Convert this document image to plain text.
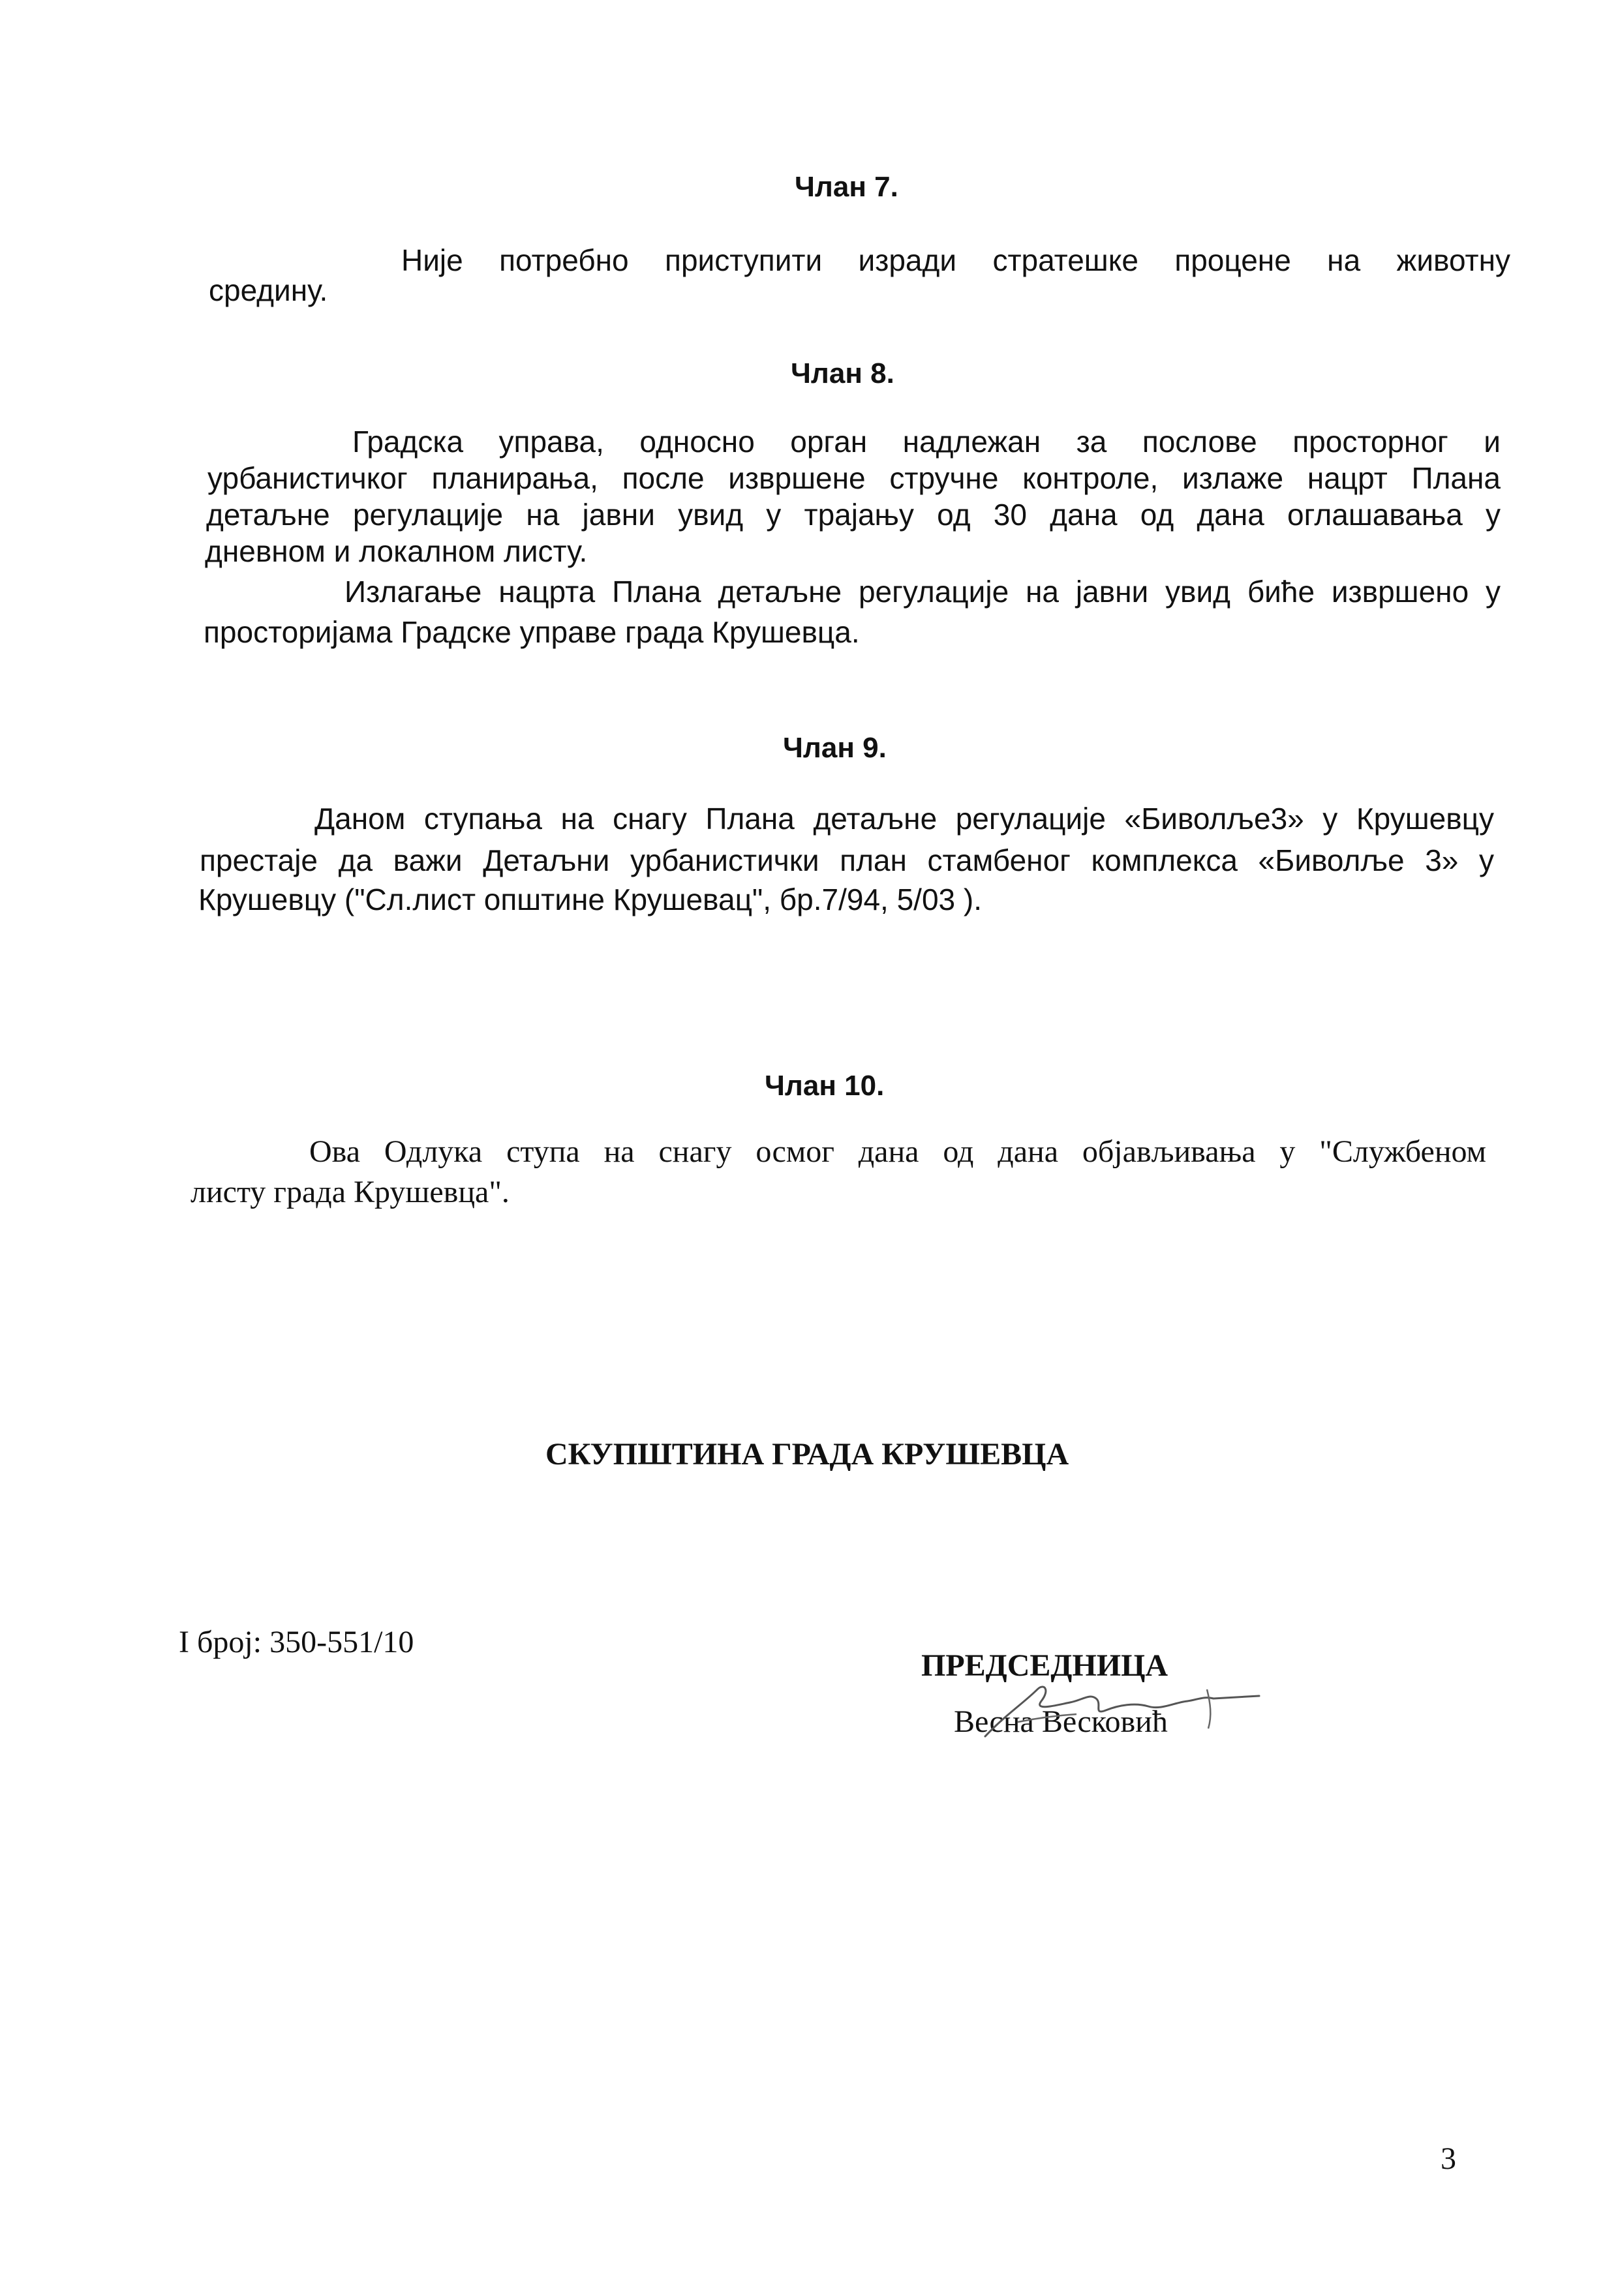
Члан 7.
Није потребно приступити изради стратешке процене на животну
средину.
Члан 8.
Градска управа, односно орган надлежан за послове просторног и
урбанистичког планирања, после извршене стручне контроле, излаже нацрт Плана
детаљне регулације на јавни увид у трајању од 30 дана од дана оглашавања у
дневном и локалном листу.
Излагање нацрта Плана детаљне регулације на јавни увид биће извршено у
просторијама Градске управе града Крушевца.
Члан 9.
Даном ступања на снагу Плана детаљне регулације «Биволље3» у Крушевцу
престаје да важи Детаљни урбанистички план стамбеног комплекса «Биволље 3» у
Крушевцу ("Сл.лист општине Крушевац", бр.7/94, 5/03 ).
Члан 10.
Ова Одлука ступа на снагу осмог дана од дана објављивања у "Службеном
листу града Крушевца".
СКУПШТИНА ГРАДА КРУШЕВЦА
I број: 350-551/10
ПРЕДСЕДНИЦА
Весна Весковић
3
